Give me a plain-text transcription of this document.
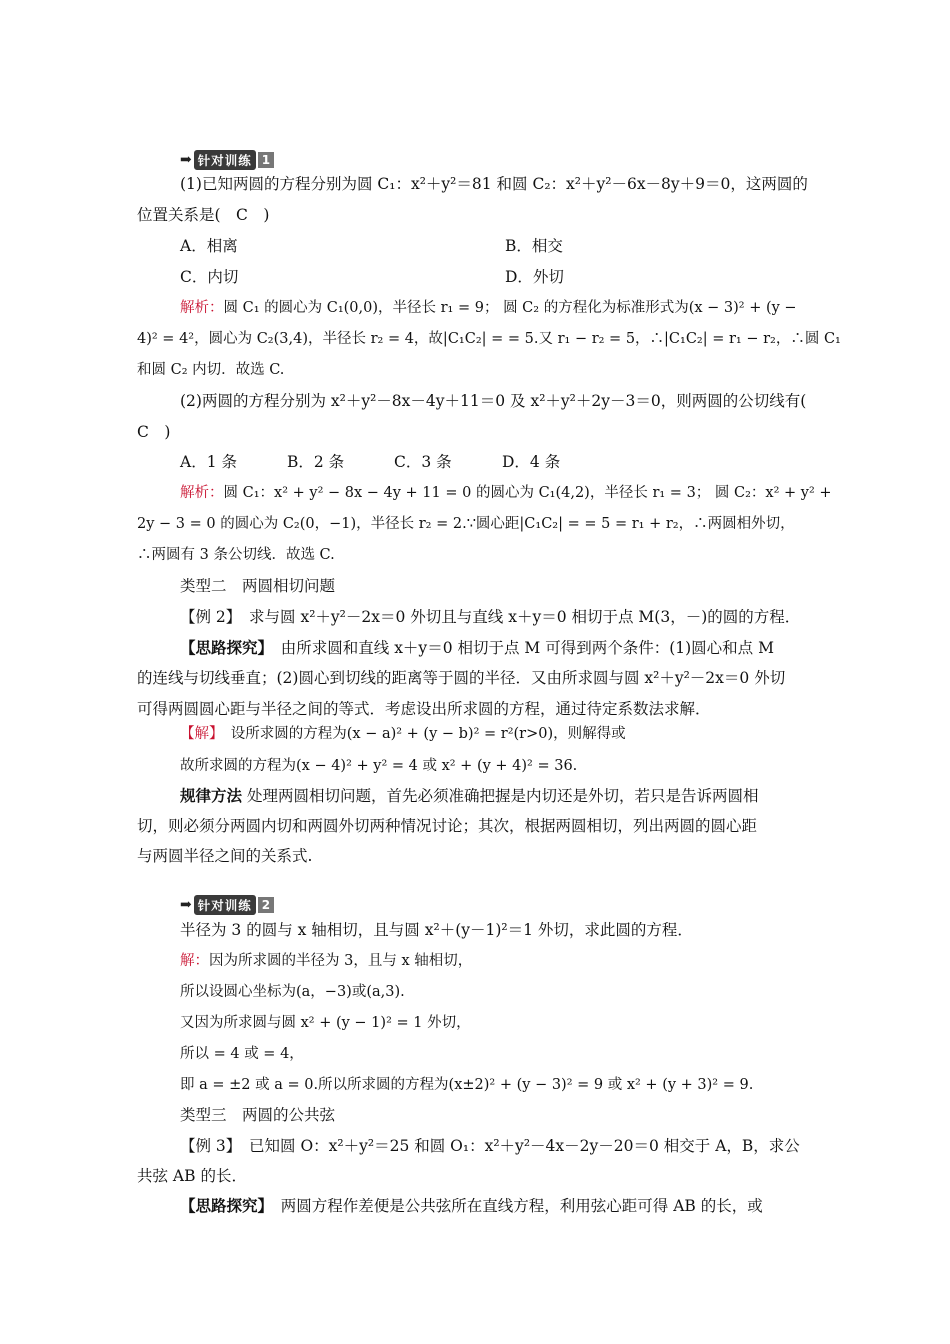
➡ 针对训练 1
(1)已知两圆的方程分别为圆 C₁：x²＋y²＝81 和圆 C₂：x²＋y²－6x－8y＋9＝0，这两圆的
位置关系是(　C　)
A．相离	B．相交
C．内切	D．外切
解析：圆 C₁ 的圆心为 C₁(0,0)，半径长 r₁ = 9； 圆 C₂ 的方程化为标准形式为(x − 3)² + (y −
4)² = 4²，圆心为 C₂(3,4)，半径长 r₂ = 4，故|C₁C₂| = = 5.又 r₁ − r₂ = 5，∴|C₁C₂| = r₁ − r₂，∴圆 C₁
和圆 C₂ 内切．故选 C.
(2)两圆的方程分别为 x²＋y²－8x－4y＋11＝0 及 x²＋y²＋2y－3＝0，则两圆的公切线有(
C　)
A．1 条	B．2 条	C．3 条	D．4 条
解析：圆 C₁：x² + y² − 8x − 4y + 11 = 0 的圆心为 C₁(4,2)，半径长 r₁ = 3； 圆 C₂：x² + y² +
2y − 3 = 0 的圆心为 C₂(0，−1)，半径长 r₂ = 2.∵圆心距|C₁C₂| = = 5 = r₁ + r₂，∴两圆相外切，
∴两圆有 3 条公切线．故选 C.
类型二　两圆相切问题
【例 2】　求与圆 x²＋y²－2x＝0 外切且与直线 x＋y＝0 相切于点 M(3，－)的圆的方程．
【思路探究】　由所求圆和直线 x＋y＝0 相切于点 M 可得到两个条件：(1)圆心和点 M
的连线与切线垂直；(2)圆心到切线的距离等于圆的半径．又由所求圆与圆 x²＋y²－2x＝0 外切
可得两圆圆心距与半径之间的等式．考虑设出所求圆的方程，通过待定系数法求解．
【解】　设所求圆的方程为(x − a)² + (y − b)² = r²(r>0)，则解得或
故所求圆的方程为(x − 4)² + y² = 4 或 x² + (y + 4)² = 36.
规律方法 处理两圆相切问题，首先必须准确把握是内切还是外切，若只是告诉两圆相
切，则必须分两圆内切和两圆外切两种情况讨论；其次，根据两圆相切，列出两圆的圆心距
与两圆半径之间的关系式.
➡ 针对训练 2
半径为 3 的圆与 x 轴相切，且与圆 x²＋(y－1)²＝1 外切，求此圆的方程．
解：因为所求圆的半径为 3，且与 x 轴相切，
所以设圆心坐标为(a，−3)或(a,3).
又因为所求圆与圆 x² + (y − 1)² = 1 外切，
所以 = 4 或 = 4，
即 a = ±2 或 a = 0.所以所求圆的方程为(x±2)² + (y − 3)² = 9 或 x² + (y + 3)² = 9.
类型三　两圆的公共弦
【例 3】　已知圆 O：x²＋y²＝25 和圆 O₁：x²＋y²－4x－2y－20＝0 相交于 A，B，求公
共弦 AB 的长．
【思路探究】　两圆方程作差便是公共弦所在直线方程，利用弦心距可得 AB 的长，或
